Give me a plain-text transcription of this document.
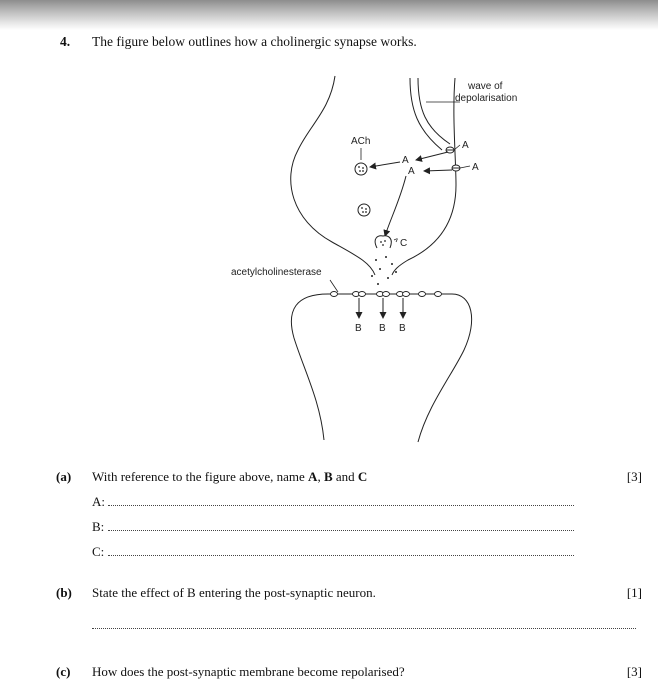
4. The figure below outlines how a cholinergic synapse works.
wave of
depolarisation
A
A
A
A
ACh
C
acetylcholinesterase
B B B
(a) With reference to the figure above, name A, B and C	[3]
A:
B:
C:
(b) State the effect of B entering the post-synaptic neuron.	[1]
(c) How does the post-synaptic membrane become repolarised?	[3]
